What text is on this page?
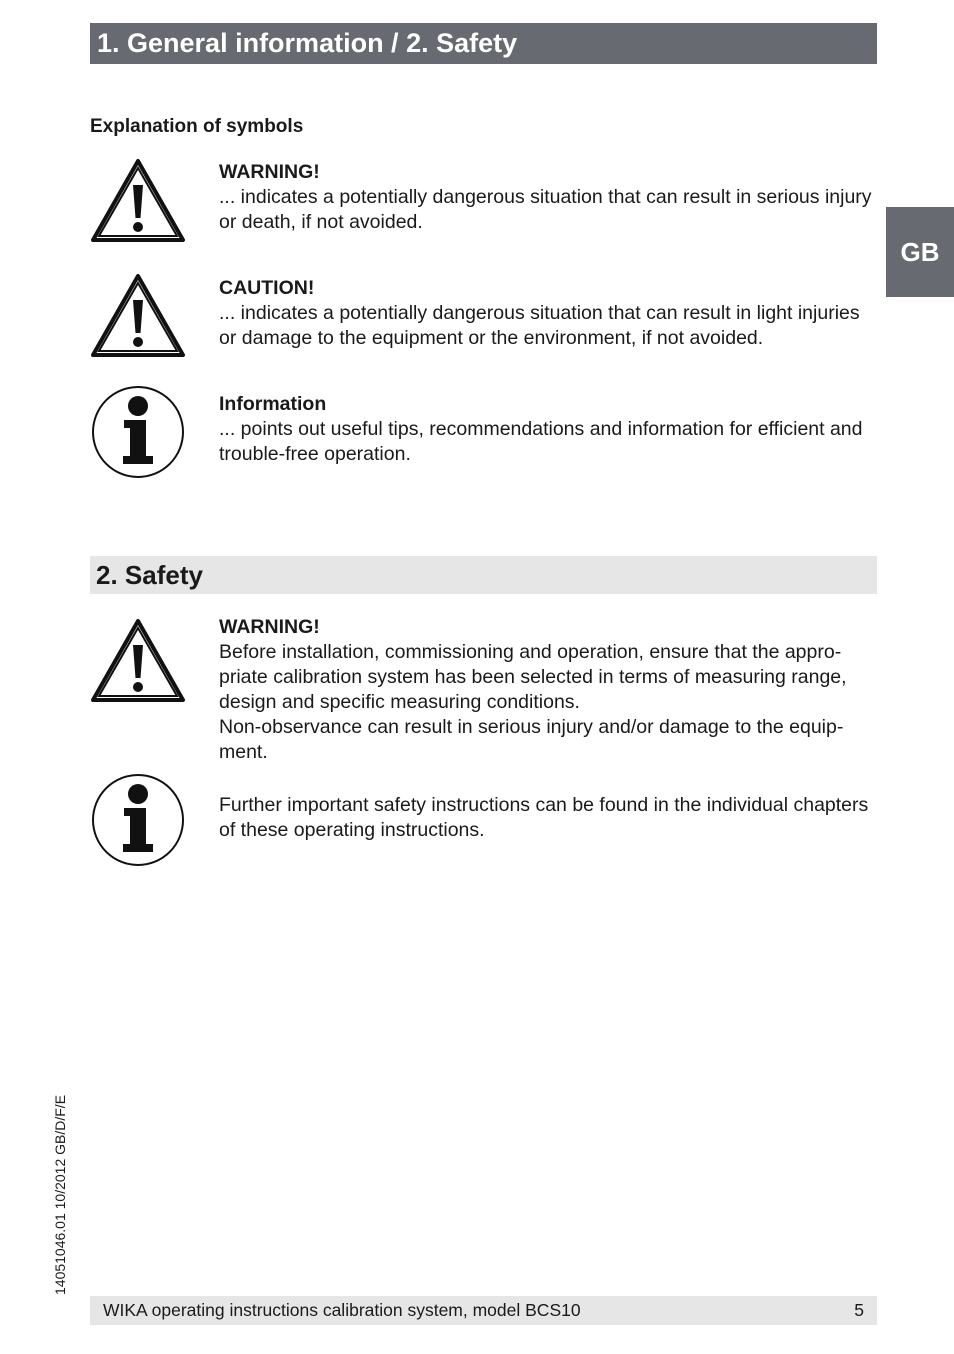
1. General information / 2. Safety
GB
Explanation of symbols
WARNING!

... indicates a potentially dangerous situation that can result in serious injury or death, if not avoided.

CAUTION!

... indicates a potentially dangerous situation that can result in light injuries or damage to the equipment or the environment, if not avoided.

Information

... points out useful tips, recommendations and information for efficient and trouble-free operation.

2. Safety
WARNING!

Before installation, commissioning and operation, ensure that the appro-priate calibration system has been selected in terms of measuring range, design and specific measuring conditions.

Non-observance can result in serious injury and/or damage to the equip-ment.

Further important safety instructions can be found in the individual chapters of these operating instructions.

14051046.01 10/2012 GB/D/F/E
WIKA operating instructions calibration system, model BCS10	5
